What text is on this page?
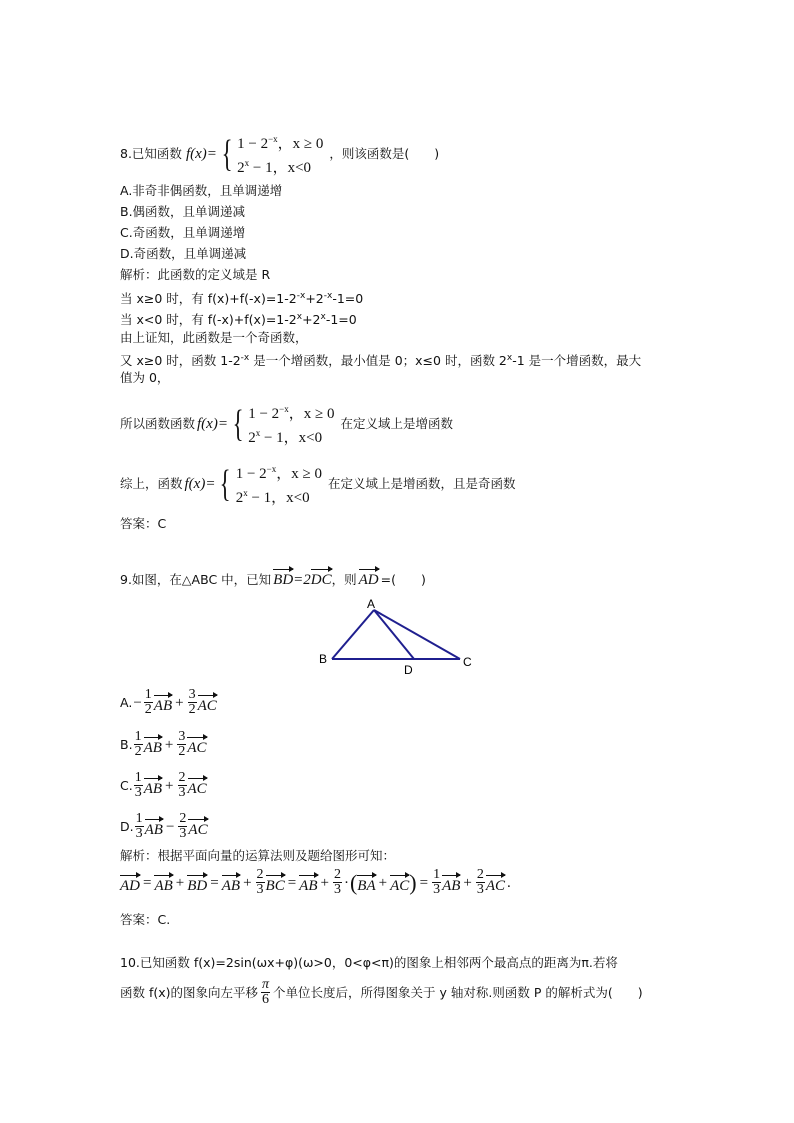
8.已知函数 f(x)= { $1 - 2^{-x}$，x ≥ 0
$2^x - 1$，x<0
，则该函数是(　　)
A.非奇非偶函数，且单调递增
B.偶函数，且单调递减
C.奇函数，且单调递增
D.奇函数，且单调递减
解析：此函数的定义域是 R
当 x≥0 时，有 $f(x)+f(-x)=1-2^{-x}+2^{-x}-1=0$
当 x<0 时，有 $f(-x)+f(x)=1-2^x+2^x-1=0$
由上证知，此函数是一个奇函数，
又 x≥0 时，函数 $1-2^{-x}$ 是一个增函数，最小值是 0；x≤0 时，函数 2$^x$-1 是一个增函数，最大
值为 0，
所以函数函数 f(x)= { $1 - 2^{-x}$，x ≥ 0
$2^x - 1$，x<0
在定义域上是增函数
综上，函数 f(x)= { $1 - 2^{-x}$，x ≥ 0
$2^x - 1$，x<0
在定义域上是增函数，且是奇函数
答案：C
9.如图，在△ABC 中，已知 BD =2 DC ，则 AD =(　　)
A
B	C
D
A. − $\frac{1}{2}$ AB + $\frac{3}{2}$ AC
B. $\frac{1}{2}$ AB + $\frac{3}{2}$ AC
C. $\frac{1}{3}$ AB + $\frac{2}{3}$ AC
D. $\frac{1}{3}$ AB − $\frac{2}{3}$ AC
解析：根据平面向量的运算法则及题给图形可知：
AD = AB + BD = AB + $\frac{2}{3}$ BC = AB + $\frac{2}{3}$ · ( BA + AC ) = $\frac{1}{3}$ AB + $\frac{2}{3}$ AC .
答案：C.
10.已知函数 f(x)=2sin(ωx+φ)(ω>0，0<φ<π)的图象上相邻两个最高点的距离为π.若将
函数 f(x)的图象向左平移 $\frac{\pi}{6}$ 个单位长度后，所得图象关于 y 轴对称.则函数 P 的解析式为(　　)
